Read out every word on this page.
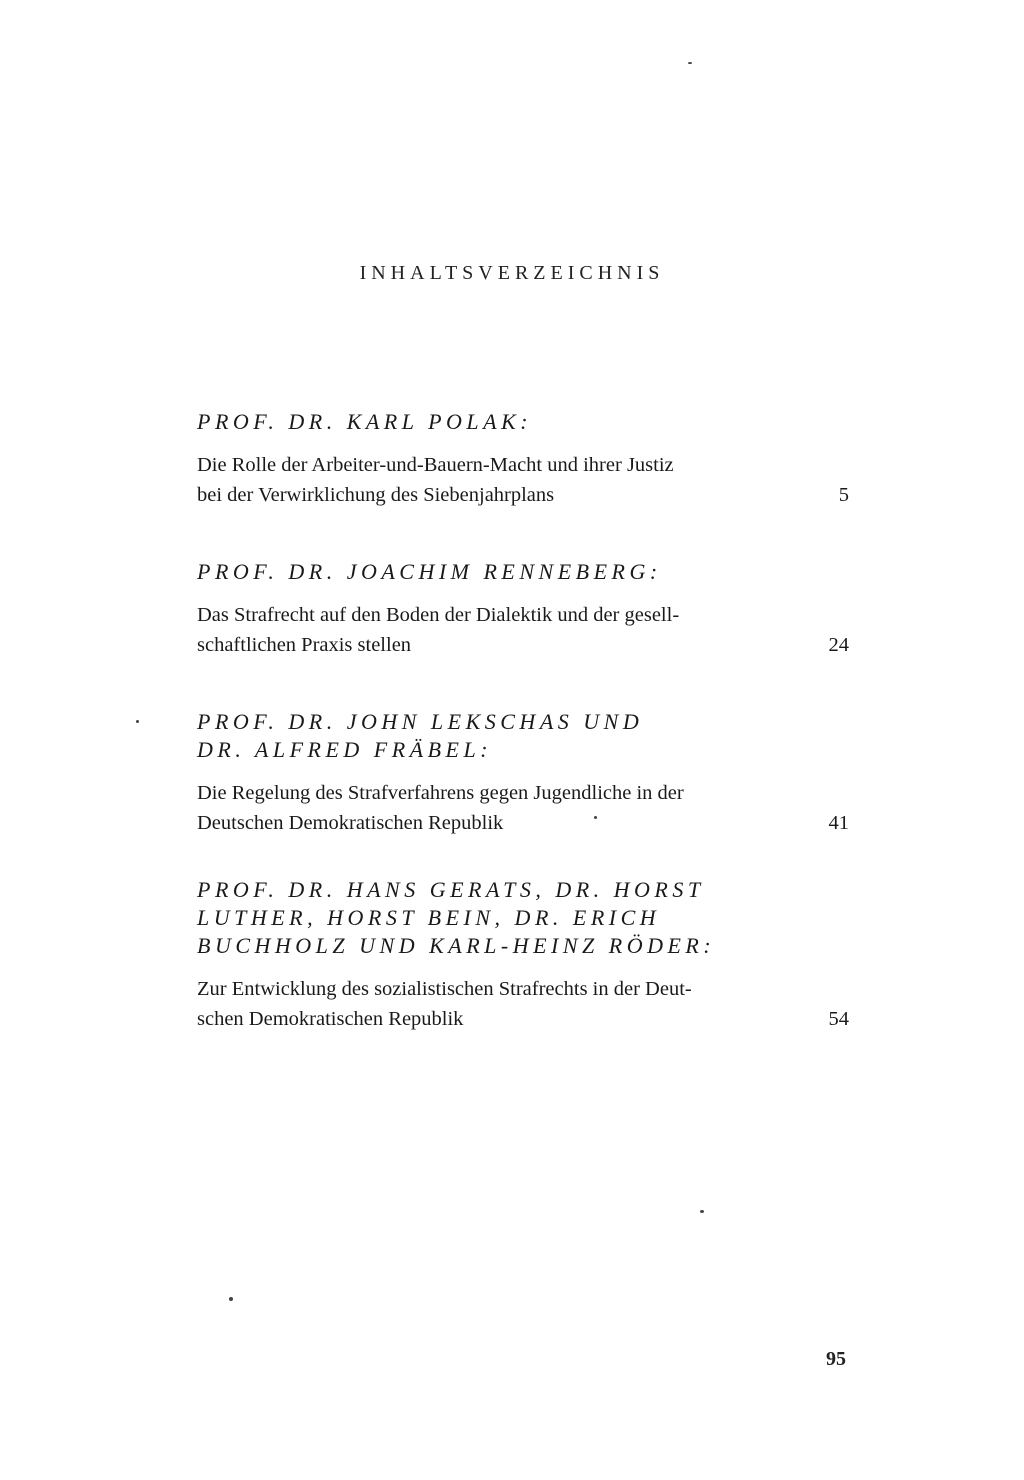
INHALTSVERZEICHNIS
PROF. DR. KARL POLAK:
Die Rolle der Arbeiter-und-Bauern-Macht und ihrer Justiz
bei der Verwirklichung des Siebenjahrplans	5
PROF. DR. JOACHIM RENNEBERG:
Das Strafrecht auf den Boden der Dialektik und der gesell-
schaftlichen Praxis stellen	24
PROF. DR. JOHN LEKSCHAS UND
DR. ALFRED FRÄBEL:
Die Regelung des Strafverfahrens gegen Jugendliche in der
Deutschen Demokratischen Republik	41
PROF. DR. HANS GERATS, DR. HORST
LUTHER, HORST BEIN, DR. ERICH
BUCHHOLZ UND KARL-HEINZ RÖDER:
Zur Entwicklung des sozialistischen Strafrechts in der Deut-
schen Demokratischen Republik	54
95
